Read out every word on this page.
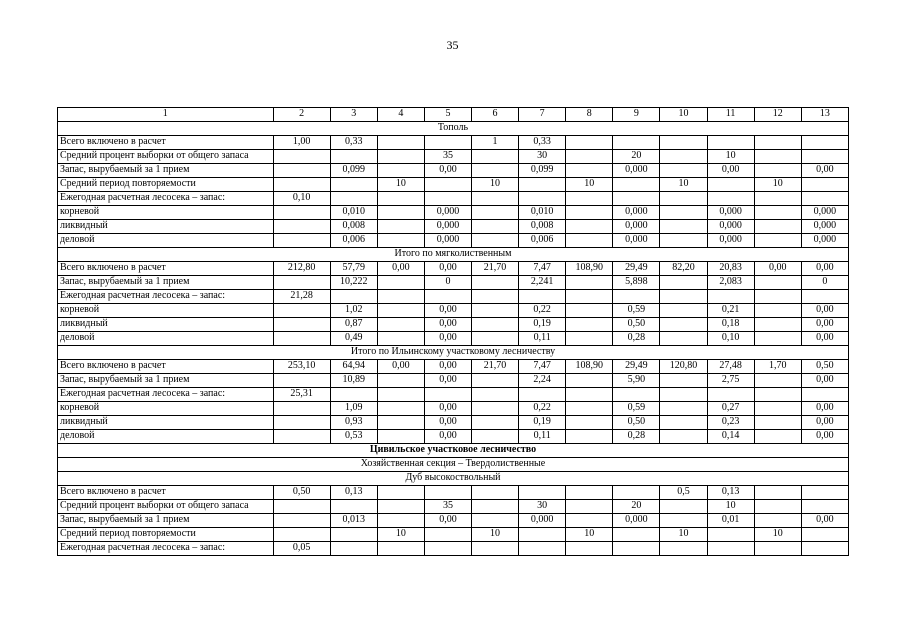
35
1	2	3	4	5	6	7	8	9	10	11	12	13
Тополь												
Всего включено в расчет	1,00	0,33			1	0,33						
Средний процент выборки от общего запаса				35		30		20		10		
Запас, вырубаемый за 1 прием		0,099		0,00		0,099		0,000		0,00		0,00
Средний период повторяемости			10		10		10		10		10	
Ежегодная расчетная лесосека – запас:	0,10											
корневой		0,010		0,000		0,010		0,000		0,000		0,000
ликвидный		0,008		0,000		0,008		0,000		0,000		0,000
деловой		0,006		0,000		0,006		0,000		0,000		0,000
Итого по мягколиственным												
Всего включено в расчет	212,80	57,79	0,00	0,00	21,70	7,47	108,90	29,49	82,20	20,83	0,00	0,00
Запас, вырубаемый за 1 прием		10,222		0		2,241		5,898		2,083		0
Ежегодная расчетная лесосека – запас:	21,28											
корневой		1,02		0,00		0,22		0,59		0,21		0,00
ликвидный		0,87		0,00		0,19		0,50		0,18		0,00
деловой		0,49		0,00		0,11		0,28		0,10		0,00
Итого по Ильинскому участковому лесничеству												
Всего включено в расчет	253,10	64,94	0,00	0,00	21,70	7,47	108,90	29,49	120,80	27,48	1,70	0,50
Запас, вырубаемый за 1 прием		10,89		0,00		2,24		5,90		2,75		0,00
Ежегодная расчетная лесосека – запас:	25,31											
корневой		1,09		0,00		0,22		0,59		0,27		0,00
ликвидный		0,93		0,00		0,19		0,50		0,23		0,00
деловой		0,53		0,00		0,11		0,28		0,14		0,00
Цивильское участковое лесничество												
Хозяйственная секция – Твердолиственные												
Дуб высокоствольный												
Всего включено в расчет	0,50	0,13							0,5	0,13		
Средний процент выборки от общего запаса				35		30		20		10		
Запас, вырубаемый за 1 прием		0,013		0,00		0,000		0,000		0,01		0,00
Средний период повторяемости			10		10		10		10		10	
Ежегодная расчетная лесосека – запас:	0,05											
